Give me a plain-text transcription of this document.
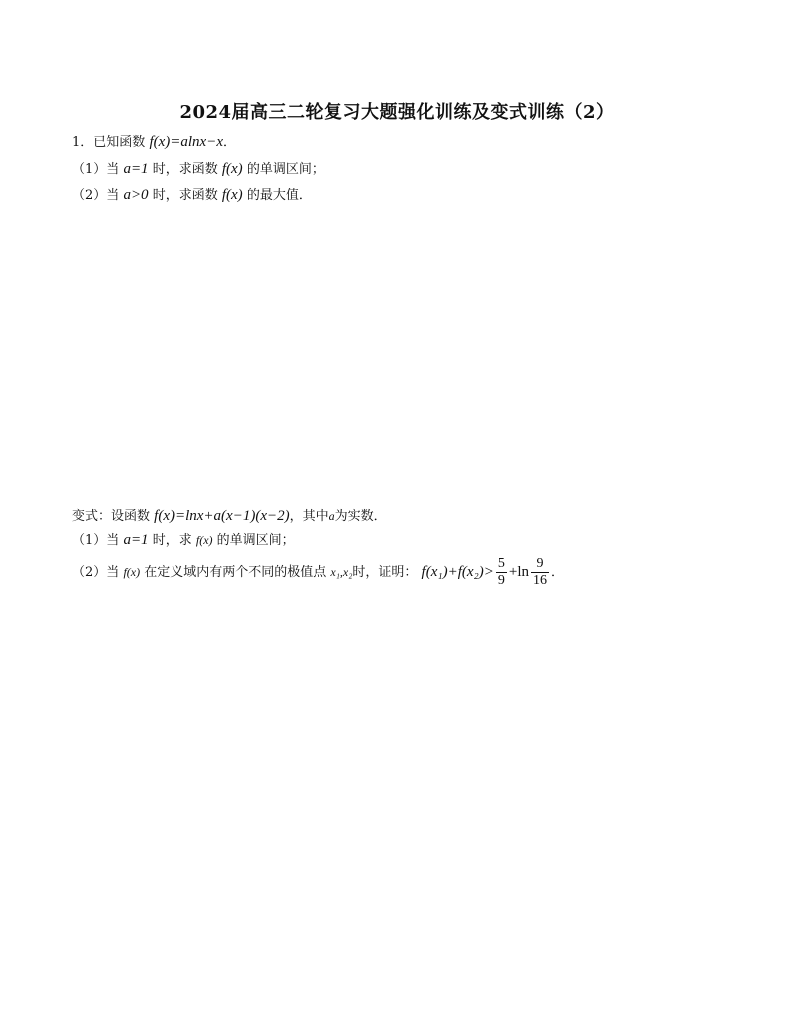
2024届高三二轮复习大题强化训练及变式训练（2）
1．已知函数 f(x)=alnx−x．
（1）当 a=1 时，求函数 f(x) 的单调区间；
（2）当 a>0 时，求函数 f(x) 的最大值．
变式：设函数 f(x)=lnx+a(x−1)(x−2)，其中a为实数．
（1）当 a=1 时，求 f(x) 的单调区间；
（2）当 f(x) 在定义域内有两个不同的极值点 x₁,x₂时，证明： $f(x_1)+f(x_2)> \frac{5}{9} +\ln \frac{9}{16}$ ．
